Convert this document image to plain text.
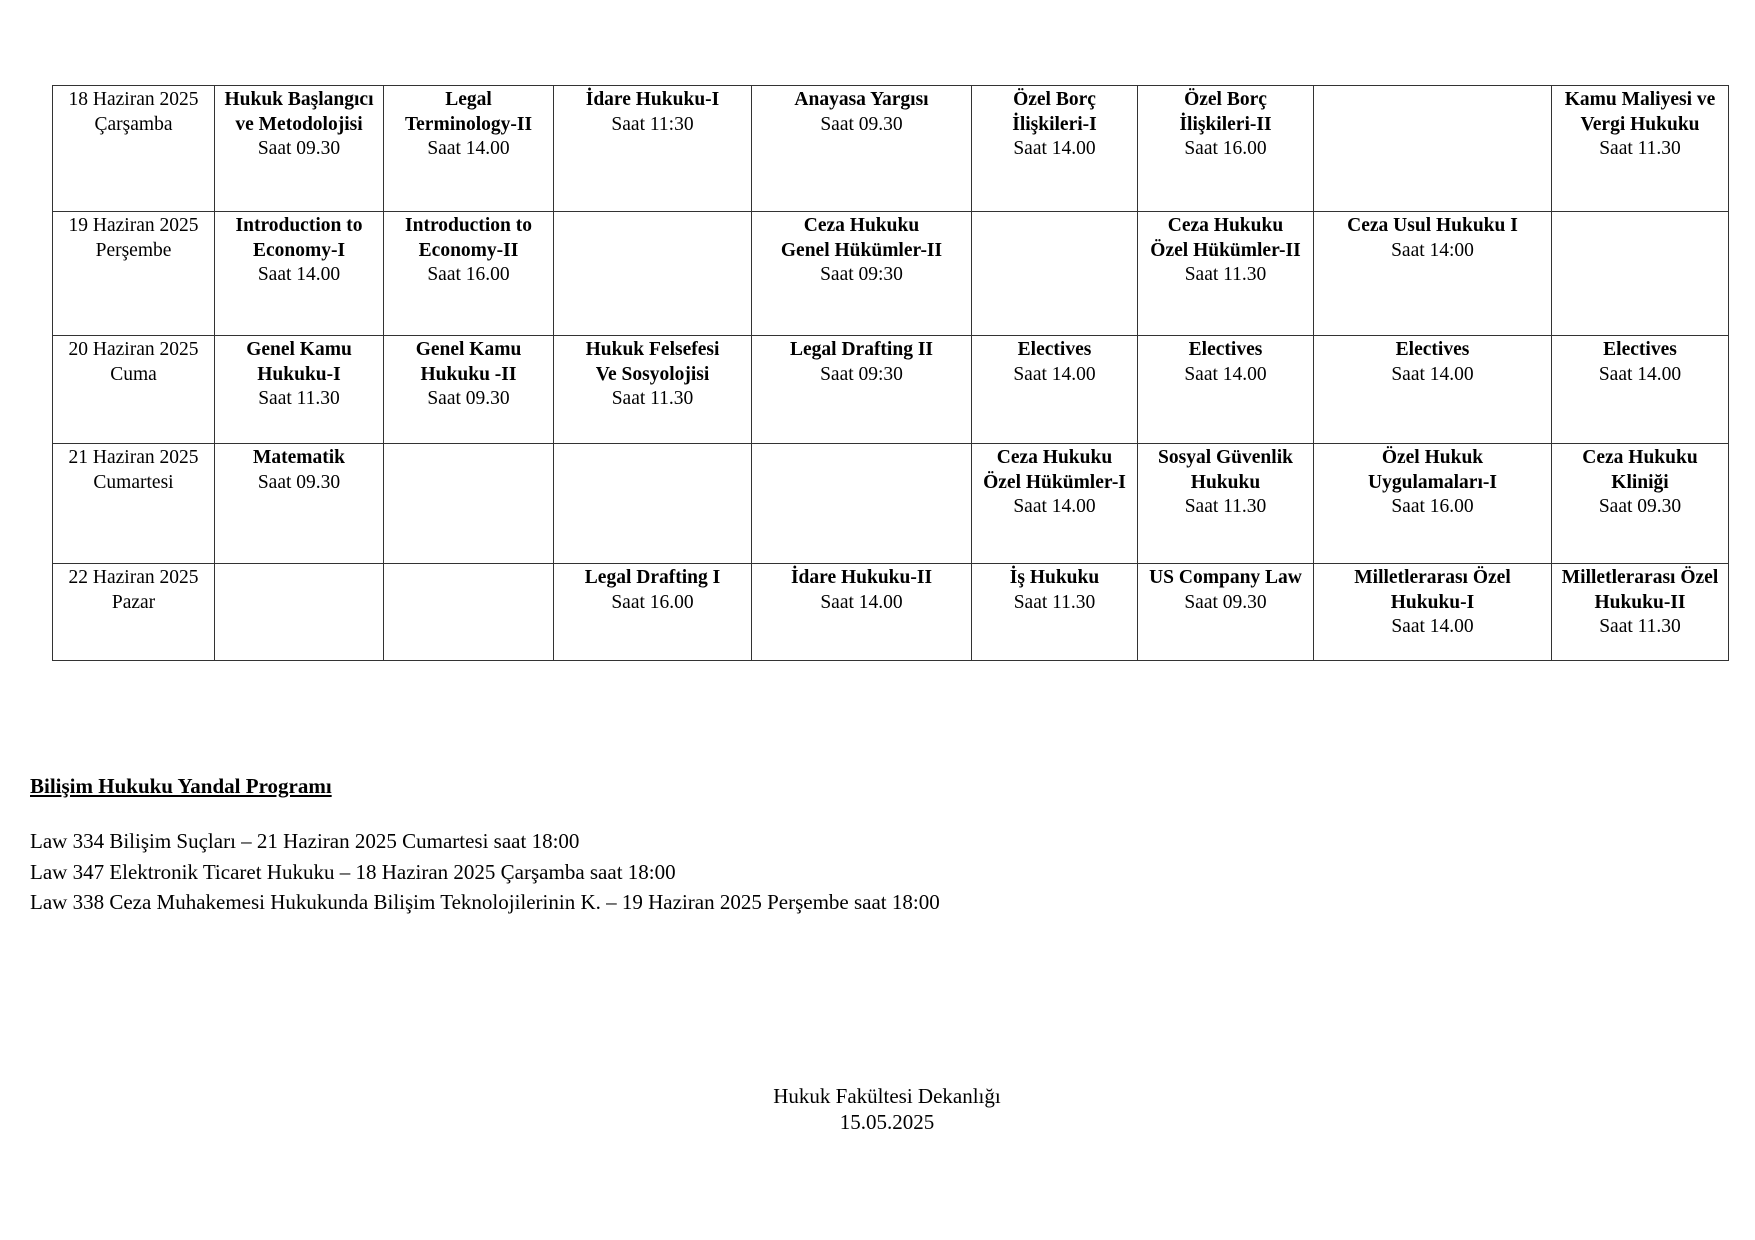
18 Haziran 2025
Çarşamba	Hukuk Başlangıcı
ve Metodolojisi
Saat 09.30	Legal
Terminology-II
Saat 14.00	İdare Hukuku-I
Saat 11:30	Anayasa Yargısı
Saat 09.30	Özel Borç
İlişkileri-I
Saat 14.00	Özel Borç
İlişkileri-II
Saat 16.00		Kamu Maliyesi ve
Vergi Hukuku
Saat 11.30

19 Haziran 2025
Perşembe	Introduction to
Economy-I
Saat 14.00	Introduction to
Economy-II
Saat 16.00		Ceza Hukuku
Genel Hükümler-II
Saat 09:30		Ceza Hukuku
Özel Hükümler-II
Saat 11.30	Ceza Usul Hukuku I
Saat 14:00	

20 Haziran 2025
Cuma	Genel Kamu
Hukuku-I
Saat 11.30	Genel Kamu
Hukuku -II
Saat 09.30	Hukuk Felsefesi
Ve Sosyolojisi
Saat 11.30	Legal Drafting II
Saat 09:30	Electives
Saat 14.00	Electives
Saat 14.00	Electives
Saat 14.00	Electives
Saat 14.00

21 Haziran 2025
Cumartesi	Matematik
Saat 09.30				Ceza Hukuku
Özel Hükümler-I
Saat 14.00	Sosyal Güvenlik
Hukuku
Saat 11.30	Özel Hukuk
Uygulamaları-I
Saat 16.00	Ceza Hukuku
Kliniği
Saat 09.30

22 Haziran 2025
Pazar			Legal Drafting I
Saat 16.00	İdare Hukuku-II
Saat 14.00	İş Hukuku
Saat 11.30	US Company Law
Saat 09.30	Milletlerarası Özel
Hukuku-I
Saat 14.00	Milletlerarası Özel
Hukuku-II
Saat 11.30
Bilişim Hukuku Yandal Programı
Law 334 Bilişim Suçları – 21 Haziran 2025 Cumartesi saat 18:00
Law 347 Elektronik Ticaret Hukuku – 18 Haziran 2025 Çarşamba saat 18:00
Law 338 Ceza Muhakemesi Hukukunda Bilişim Teknolojilerinin K. – 19 Haziran 2025 Perşembe saat 18:00
Hukuk Fakültesi Dekanlığı
15.05.2025
